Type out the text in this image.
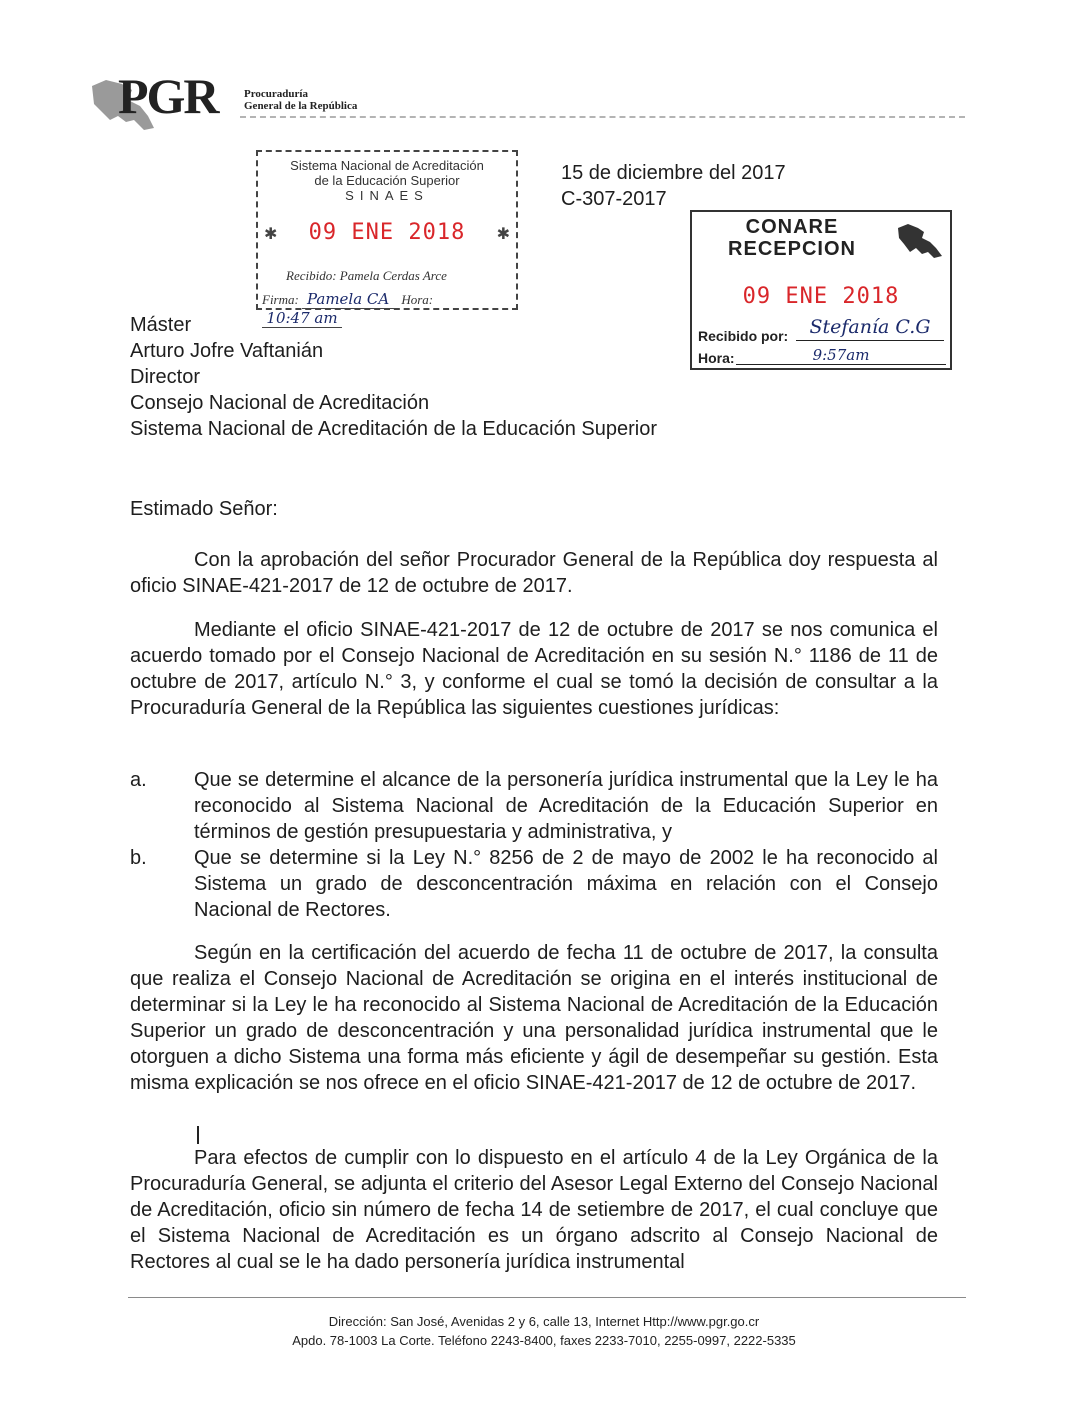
PGR Procuraduría
General de la República
Sistema Nacional de Acreditación
de la Educación Superior
SINAES
✱	09 ENE 2018	✱
Recibido: Pamela Cerdas Arce
Firma: Pamela CA Hora: 10:47 am
15 de diciembre del 2017
C-307-2017
CONARE
RECEPCION
09 ENE 2018
Recibido por:	Stefanía C.G
Hora:	9:57am
Máster
Arturo Jofre Vaftanián
Director
Consejo Nacional de Acreditación
Sistema Nacional de Acreditación de la Educación Superior
Estimado Señor:
Con la aprobación del señor Procurador General de la República doy respuesta al oficio SINAE-421-2017 de 12 de octubre de 2017.
Mediante el oficio SINAE-421-2017 de 12 de octubre de 2017 se nos comunica el acuerdo tomado por el Consejo Nacional de Acreditación en su sesión N.° 1186 de 11 de octubre de 2017, artículo N.° 3, y conforme el cual se tomó la decisión de consultar a la Procuraduría General de la República las siguientes cuestiones jurídicas:
a. Que se determine el alcance de la personería jurídica instrumental que la Ley le ha reconocido al Sistema Nacional de Acreditación de la Educación Superior en términos de gestión presupuestaria y administrativa, y
b. Que se determine si la Ley N.° 8256 de 2 de mayo de 2002 le ha reconocido al Sistema un grado de desconcentración máxima en relación con el Consejo Nacional de Rectores.
Según en la certificación del acuerdo de fecha 11 de octubre de 2017, la consulta que realiza el Consejo Nacional de Acreditación se origina en el interés institucional de determinar si la Ley le ha reconocido al Sistema Nacional de Acreditación de la Educación Superior un grado de desconcentración y una personalidad jurídica instrumental que le otorguen a dicho Sistema una forma más eficiente y ágil de desempeñar su gestión. Esta misma explicación se nos ofrece en el oficio SINAE-421-2017 de 12 de octubre de 2017.
Para efectos de cumplir con lo dispuesto en el artículo 4 de la Ley Orgánica de la Procuraduría General, se adjunta el criterio del Asesor Legal Externo del Consejo Nacional de Acreditación, oficio sin número de fecha 14 de setiembre de 2017, el cual concluye que el Sistema Nacional de Acreditación es un órgano adscrito al Consejo Nacional de Rectores al cual se le ha dado personería jurídica instrumental
Dirección: San José, Avenidas 2 y 6, calle 13, Internet Http://www.pgr.go.cr
Apdo. 78-1003 La Corte. Teléfono 2243-8400, faxes 2233-7010, 2255-0997, 2222-5335
